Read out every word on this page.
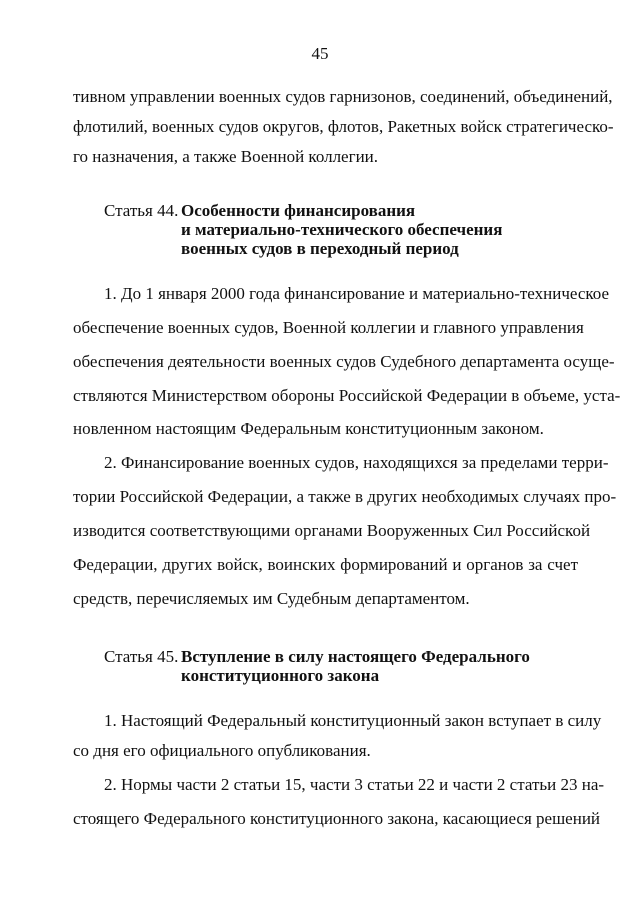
45

тивном управлении военных судов гарнизонов, соединений, объединений,

флотилий, военных судов округов, флотов, Ракетных войск стратегическо-

го назначения, а также Военной коллегии.

Статья 44. Особенности финансирования
и материально-технического обеспечения
военных судов в переходный период

1. До 1 января 2000 года финансирование и материально-техническое

обеспечение военных судов, Военной коллегии и главного управления

обеспечения деятельности военных судов Судебного департамента осуще-

ствляются Министерством обороны Российской Федерации в объеме, уста-

новленном настоящим Федеральным конституционным законом.

2. Финансирование военных судов, находящихся за пределами терри-

тории Российской Федерации, а также в других необходимых случаях про-

изводится соответствующими органами Вооруженных Сил Российской

Федерации, других войск, воинских формирований и органов за счет

средств, перечисляемых им Судебным департаментом.

Статья 45. Вступление в силу настоящего Федерального
конституционного закона

1. Настоящий Федеральный конституционный закон вступает в силу

со дня его официального опубликования.

2. Нормы части 2 статьи 15, части 3 статьи 22 и части 2 статьи 23 на-

стоящего Федерального конституционного закона, касающиеся решений
